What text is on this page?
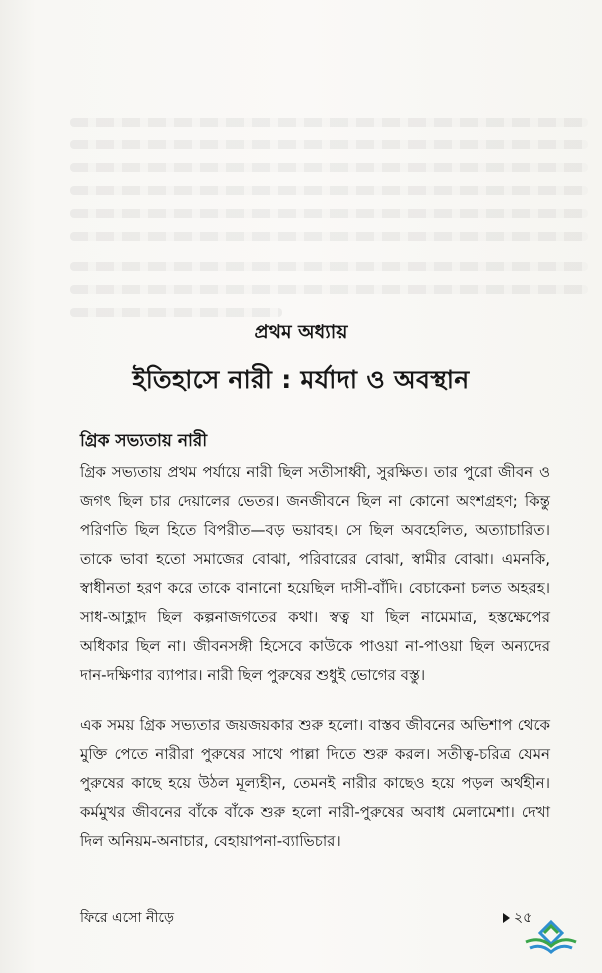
প্রথম অধ্যায়
ইতিহাসে নারী : মর্যাদা ও অবস্থান
গ্রিক সভ্যতায় নারী

গ্রিক সভ্যতায় প্রথম পর্যায়ে নারী ছিল সতীসাধ্বী, সুরক্ষিত। তার পুরো জীবন ও জগৎ ছিল চার দেয়ালের ভেতর। জনজীবনে ছিল না কোনো অংশগ্রহণ; কিন্তু পরিণতি ছিল হিতে বিপরীত—বড় ভয়াবহ। সে ছিল অবহেলিত, অত্যাচারিত। তাকে ভাবা হতো সমাজের বোঝা, পরিবারের বোঝা, স্বামীর বোঝা। এমনকি, স্বাধীনতা হরণ করে তাকে বানানো হয়েছিল দাসী-বাঁদি। বেচাকেনা চলত অহরহ। সাধ-আহ্লাদ ছিল কল্পনাজগতের কথা। স্বত্ব যা ছিল নামেমাত্র, হস্তক্ষেপের অধিকার ছিল না। জীবনসঙ্গী হিসেবে কাউকে পাওয়া না-পাওয়া ছিল অন্যদের দান-দক্ষিণার ব্যাপার। নারী ছিল পুরুষের শুধুই ভোগের বস্তু।

এক সময় গ্রিক সভ্যতার জয়জয়কার শুরু হলো। বাস্তব জীবনের অভিশাপ থেকে মুক্তি পেতে নারীরা পুরুষের সাথে পাল্লা দিতে শুরু করল। সতীত্ব-চরিত্র যেমন পুরুষের কাছে হয়ে উঠল মূল্যহীন, তেমনই নারীর কাছেও হয়ে পড়ল অর্থহীন। কর্মমুখর জীবনের বাঁকে বাঁকে শুরু হলো নারী-পুরুষের অবাধ মেলামেশা। দেখা দিল অনিয়ম-অনাচার, বেহায়াপনা-ব্যাভিচার।

ফিরে এসো নীড়ে	২৫
